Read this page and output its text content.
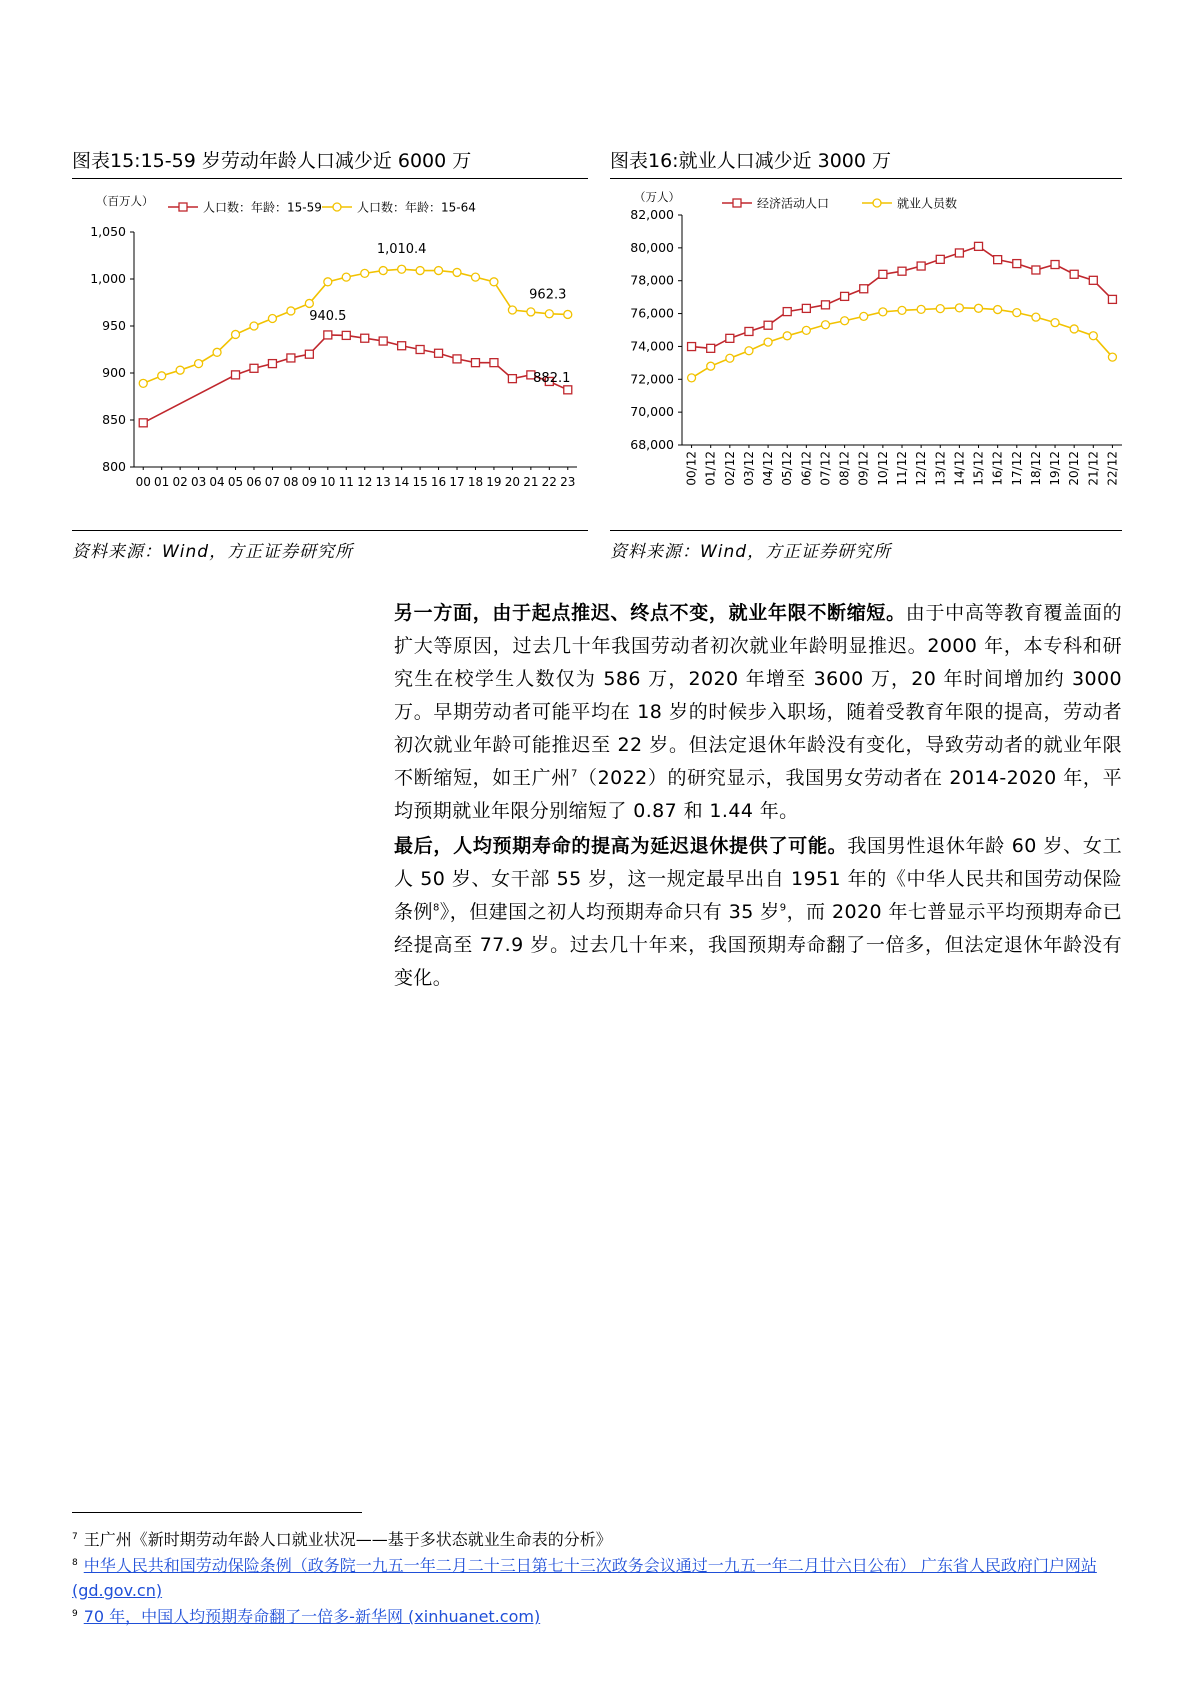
图表15:15-59 岁劳动年龄人口减少近 6000 万
800
850
900
950
1,000
1,050
00 01 02 03 04 05 06 07 08 09 10 11 12 13 14 15 16 17 18 19 20 21 22 23
（百万人）	人口数：年龄：15-59	人口数：年龄：15-64
940.5
1,010.4
962.3
882.1
资料来源：Wind，方正证券研究所
图表16:就业人口减少近 3000 万
68,000
70,000
72,000
74,000
76,000
78,000
80,000
82,000
00/12 01/12 02/12 03/12 04/12 05/12 06/12 07/12 08/12 09/12 10/12 11/12 12/12 13/12 14/12 15/12 16/12 17/12 18/12 19/12 20/12 21/12 22/12
（万人）	经济活动人口	就业人员数
资料来源：Wind，方正证券研究所
另一方面，由于起点推迟、终点不变，就业年限不断缩短。由于中高等教育覆盖面的扩大等原因，过去几十年我国劳动者初次就业年龄明显推迟。2000 年，本专科和研究生在校学生人数仅为 586 万，2020 年增至 3600 万，20 年时间增加约 3000 万。早期劳动者可能平均在 18 岁的时候步入职场，随着受教育年限的提高，劳动者初次就业年龄可能推迟至 22 岁。但法定退休年龄没有变化，导致劳动者的就业年限不断缩短，如王广州$^7$（2022）的研究显示，我国男女劳动者在 2014-2020 年，平均预期就业年限分别缩短了 0.87 和 1.44 年。
最后，人均预期寿命的提高为延迟退休提供了可能。我国男性退休年龄 60 岁、女工人 50 岁、女干部 55 岁，这一规定最早出自 1951 年的《中华人民共和国劳动保险条例$^8$》，但建国之初人均预期寿命只有 35 岁$^9$，而 2020 年七普显示平均预期寿命已经提高至 77.9 岁。过去几十年来，我国预期寿命翻了一倍多，但法定退休年龄没有变化。
$^7$ 王广州《新时期劳动年龄人口就业状况——基于多状态就业生命表的分析》
$^8$ 中华人民共和国劳动保险条例（政务院一九五一年二月二十三日第七十三次政务会议通过一九五一年二月廿六日公布） 广东省人民政府门户网站 (gd.gov.cn)
$^9$ 70 年，中国人均预期寿命翻了一倍多-新华网 (xinhuanet.com)
